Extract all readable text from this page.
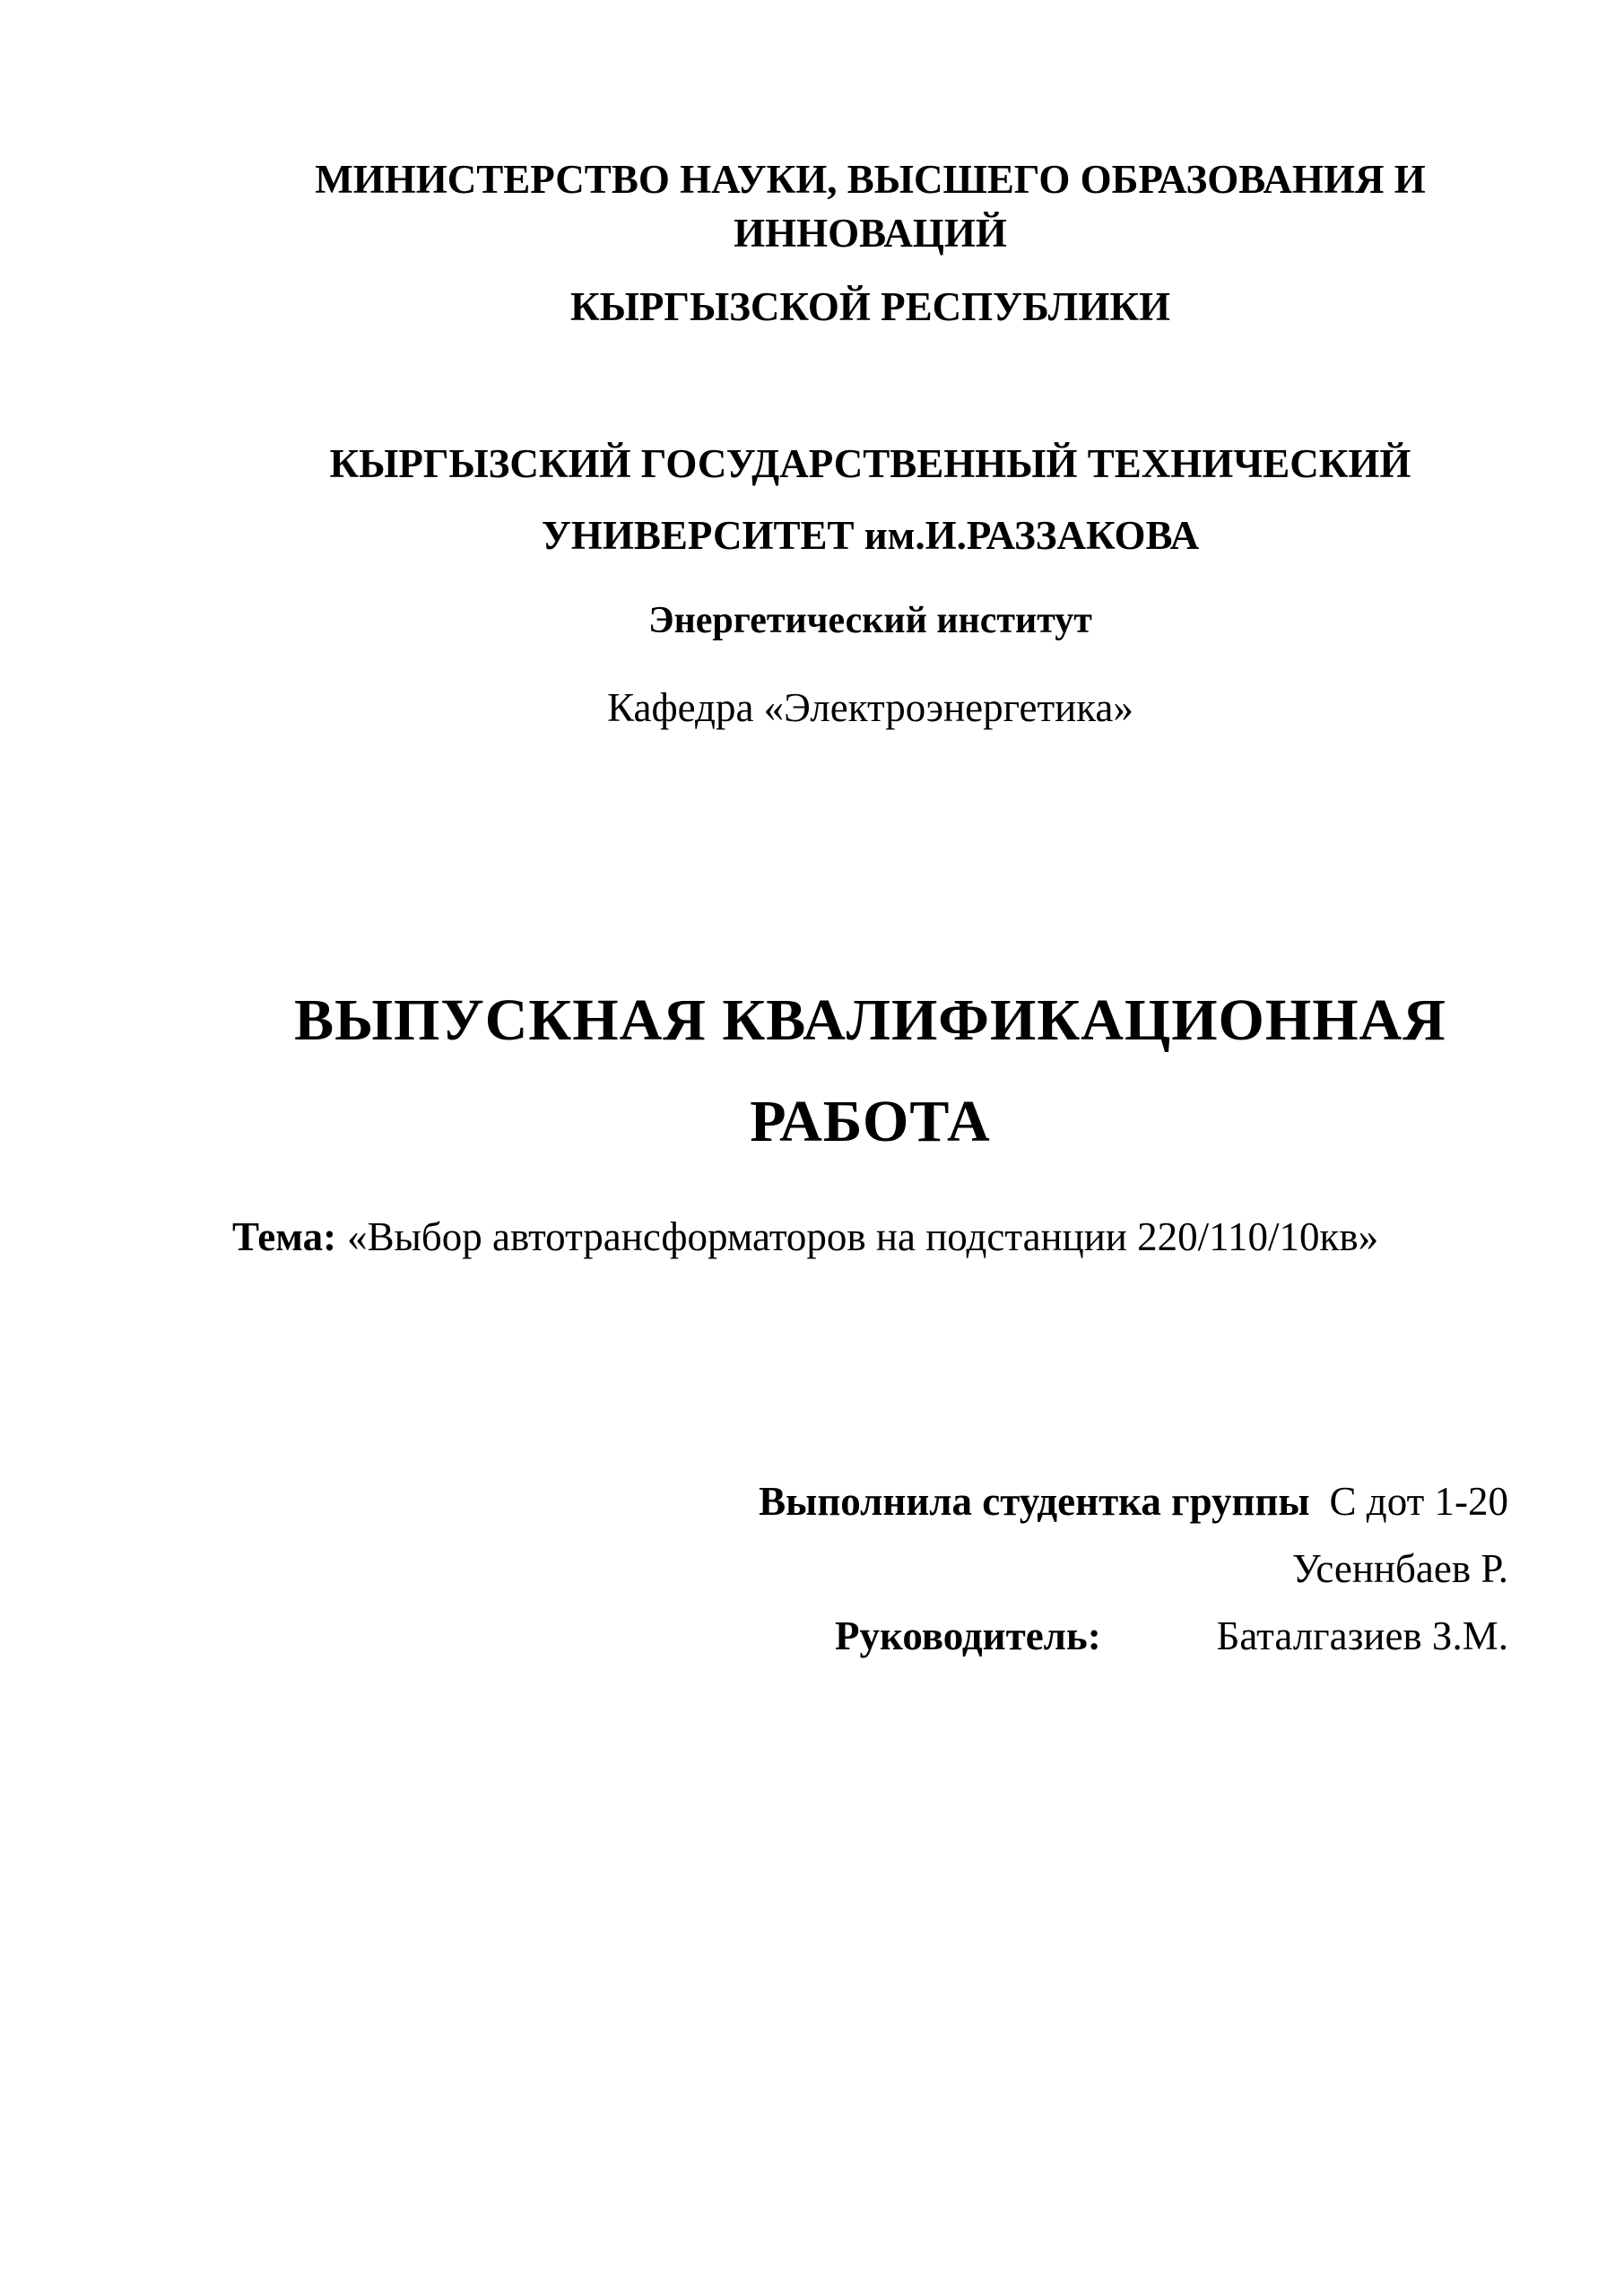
МИНИСТЕРСТВО НАУКИ, ВЫСШЕГО ОБРАЗОВАНИЯ И
ИННОВАЦИЙ
КЫРГЫЗСКОЙ РЕСПУБЛИКИ
КЫРГЫЗСКИЙ ГОСУДАРСТВЕННЫЙ ТЕХНИЧЕСКИЙ
УНИВЕРСИТЕТ им.И.РАЗЗАКОВА
Энергетический институт
Кафедра «Электроэнергетика»
ВЫПУСКНАЯ КВАЛИФИКАЦИОННАЯ
РАБОТА
Тема: «Выбор автотрансформаторов на подстанции 220/110/10кв»
Выполнила студентка группы С дот 1-20
Усеннбаев Р.
Руководитель:	Баталгазиев З.М.
